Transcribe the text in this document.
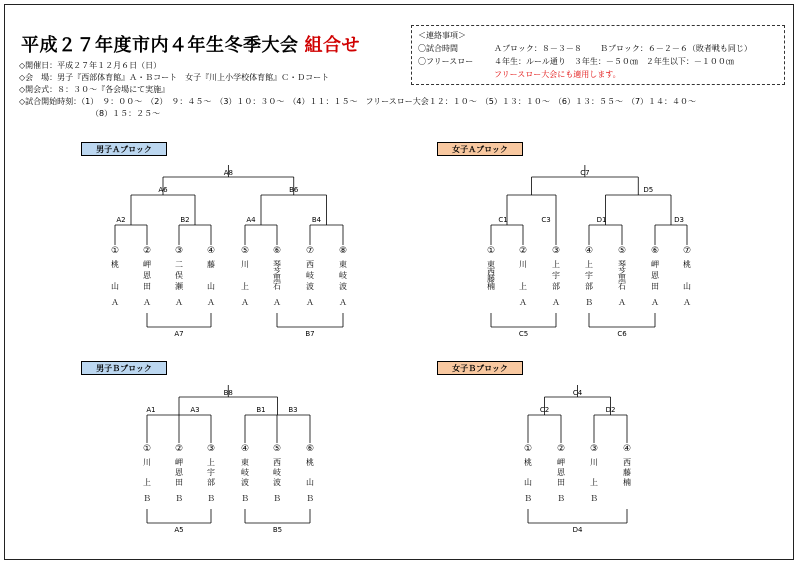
平成２７年度市内４年生冬季大会 組合せ
◇開催日：平成２７年１２月６日（日）
◇会　場：男子『西部体育館』Ａ・Ｂコート　女子『川上小学校体育館』Ｃ・Ｄコート
◇開会式：８：３０～『各会場にて実施』
◇試合開始時刻：（1）　９：００～　（2）　９：４５～　（3）１０：３０～　（4）１１：１５～　フリースロー大会１２：１０～　（5）１３：１０～　（6）１３：５５～　（7）１４：４０～
（8）１５：２５～
＜連絡事項＞
〇試合時間	Ａブロック：８－３－８ Ｂブロック：６－２－６（敗者戦も同じ）
〇フリースロー	４年生：ルール通り　３年生：－５０㎝　２年生以下：－１００㎝
フリースロー大会にも適用します。
男子Ａブロック	女子Ａブロック
男子Ｂブロック	女子Ｂブロック
①
桃
山
Ａ
②
岬
恩
田
Ａ
③
二
俣
瀬
Ａ
④
藤
山
Ａ
⑤
川
上
Ａ
⑥
琴
芝
黒
石
Ａ
⑦
西
岐
波
Ａ
⑧
東
岐
波
Ａ
A2	B2	A4	B4
A6	B6
A8
A7	B7
①
東
西
藤
楠
②
川
上
Ａ
③
上
宇
部
Ａ
④
上
宇
部
Ｂ
⑤
琴
芝
黒
石
Ａ
⑥
岬
恩
田
Ａ
⑦
桃
山
Ａ
C1	C3	D1	D3
D5
C7
C5	C6
①
川
上
Ｂ
②
岬
恩
田
Ｂ
③
上
宇
部
Ｂ
④
東
岐
波
Ｂ
⑤
西
岐
波
Ｂ
⑥
桃
山
Ｂ
A1	A3	B1	B3
B8
A5	B5
①
桃
山
Ｂ
②
岬
恩
田
Ｂ
③
川
上
Ｂ
④
西
藤
楠
C2	D2
C4
D4
